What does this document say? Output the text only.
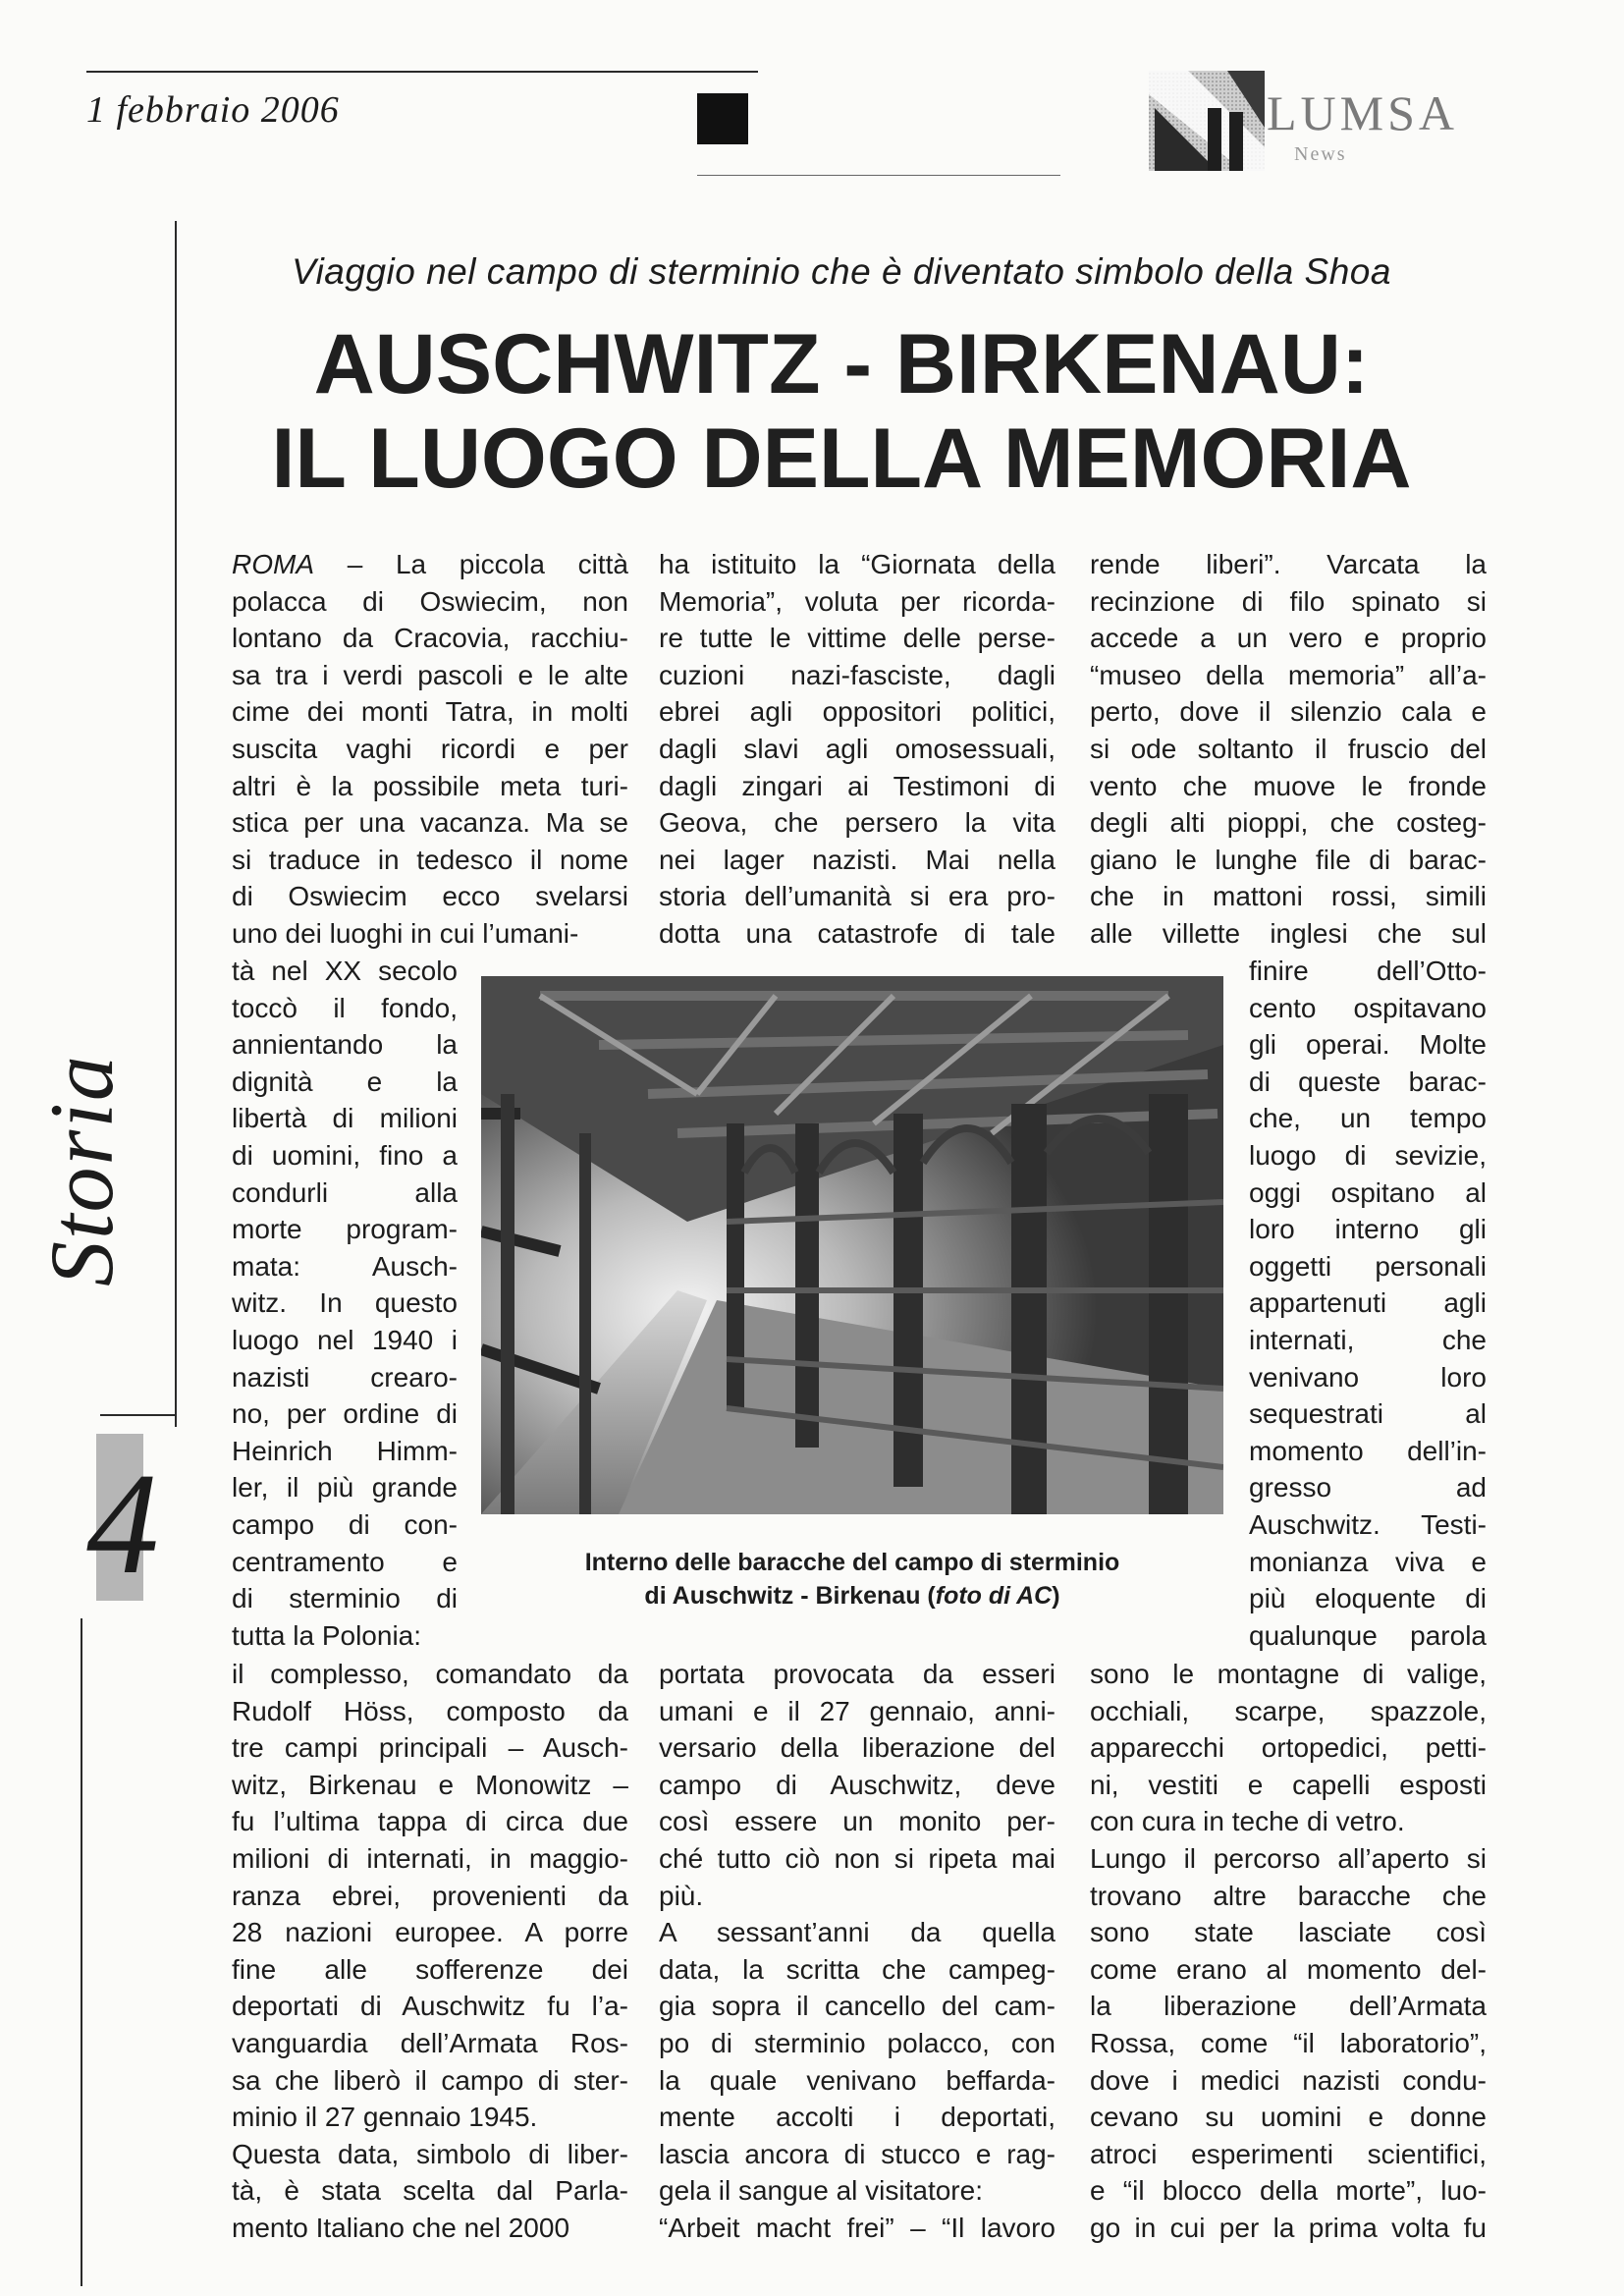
1 febbraio 2006	LUMSA
News
Storia
4
Viaggio nel campo di sterminio che è diventato simbolo della Shoa
AUSCHWITZ - BIRKENAU:
IL LUOGO DELLA MEMORIA
ROMA – La piccola città
polacca di Oswiecim, non
lontano da Cracovia, racchiu-
sa tra i verdi pascoli e le alte
cime dei monti Tatra, in molti
suscita vaghi ricordi e per
altri è la possibile meta turi-
stica per una vacanza. Ma se
si traduce in tedesco il nome
di Oswiecim ecco svelarsi
uno dei luoghi in cui l’umani-
tà nel XX secolo
toccò il fondo,
annientando la
dignità e la
libertà di milioni
di uomini, fino a
condurli alla
morte program-
mata: Ausch-
witz. In questo
luogo nel 1940 i
nazisti crearo-
no, per ordine di
Heinrich Himm-
ler, il più grande
campo di con-
centramento e
di sterminio di
tutta la Polonia:
il complesso, comandato da
Rudolf Höss, composto da
tre campi principali – Ausch-
witz, Birkenau e Monowitz –
fu l’ultima tappa di circa due
milioni di internati, in maggio-
ranza ebrei, provenienti da
28 nazioni europee. A porre
fine alle sofferenze dei
deportati di Auschwitz fu l’a-
vanguardia dell’Armata Ros-
sa che liberò il campo di ster-
minio il 27 gennaio 1945.
Questa data, simbolo di liber-
tà, è stata scelta dal Parla-
mento Italiano che nel 2000
ha istituito la “Giornata della
Memoria”, voluta per ricorda-
re tutte le vittime delle perse-
cuzioni nazi-fasciste, dagli
ebrei agli oppositori politici,
dagli slavi agli omosessuali,
dagli zingari ai Testimoni di
Geova, che persero la vita
nei lager nazisti. Mai nella
storia dell’umanità si era pro-
dotta una catastrofe di tale
portata provocata da esseri
umani e il 27 gennaio, anni-
versario della liberazione del
campo di Auschwitz, deve
così essere un monito per-
ché tutto ciò non si ripeta mai
più.
A sessant’anni da quella
data, la scritta che campeg-
gia sopra il cancello del cam-
po di sterminio polacco, con
la quale venivano beffarda-
mente accolti i deportati,
lascia ancora di stucco e rag-
gela il sangue al visitatore:
“Arbeit macht frei” – “Il lavoro
rende liberi”. Varcata la
recinzione di filo spinato si
accede a un vero e proprio
“museo della memoria” all’a-
perto, dove il silenzio cala e
si ode soltanto il fruscio del
vento che muove le fronde
degli alti pioppi, che costeg-
giano le lunghe file di barac-
che in mattoni rossi, simili
alle villette inglesi che sul
finire dell’Otto-
cento ospitavano
gli operai. Molte
di queste barac-
che, un tempo
luogo di sevizie,
oggi ospitano al
loro interno gli
oggetti personali
appartenuti agli
internati, che
venivano loro
sequestrati al
momento dell’in-
gresso ad
Auschwitz. Testi-
monianza viva e
più eloquente di
qualunque parola
sono le montagne di valige,
occhiali, scarpe, spazzole,
apparecchi ortopedici, petti-
ni, vestiti e capelli esposti
con cura in teche di vetro.
Lungo il percorso all’aperto si
trovano altre baracche che
sono state lasciate così
come erano al momento del-
la liberazione dell’Armata
Rossa, come “il laboratorio”,
dove i medici nazisti condu-
cevano su uomini e donne
atroci esperimenti scientifici,
e “il blocco della morte”, luo-
go in cui per la prima volta fu
Interno delle baracche del campo di sterminio
di Auschwitz - Birkenau (foto di AC)
